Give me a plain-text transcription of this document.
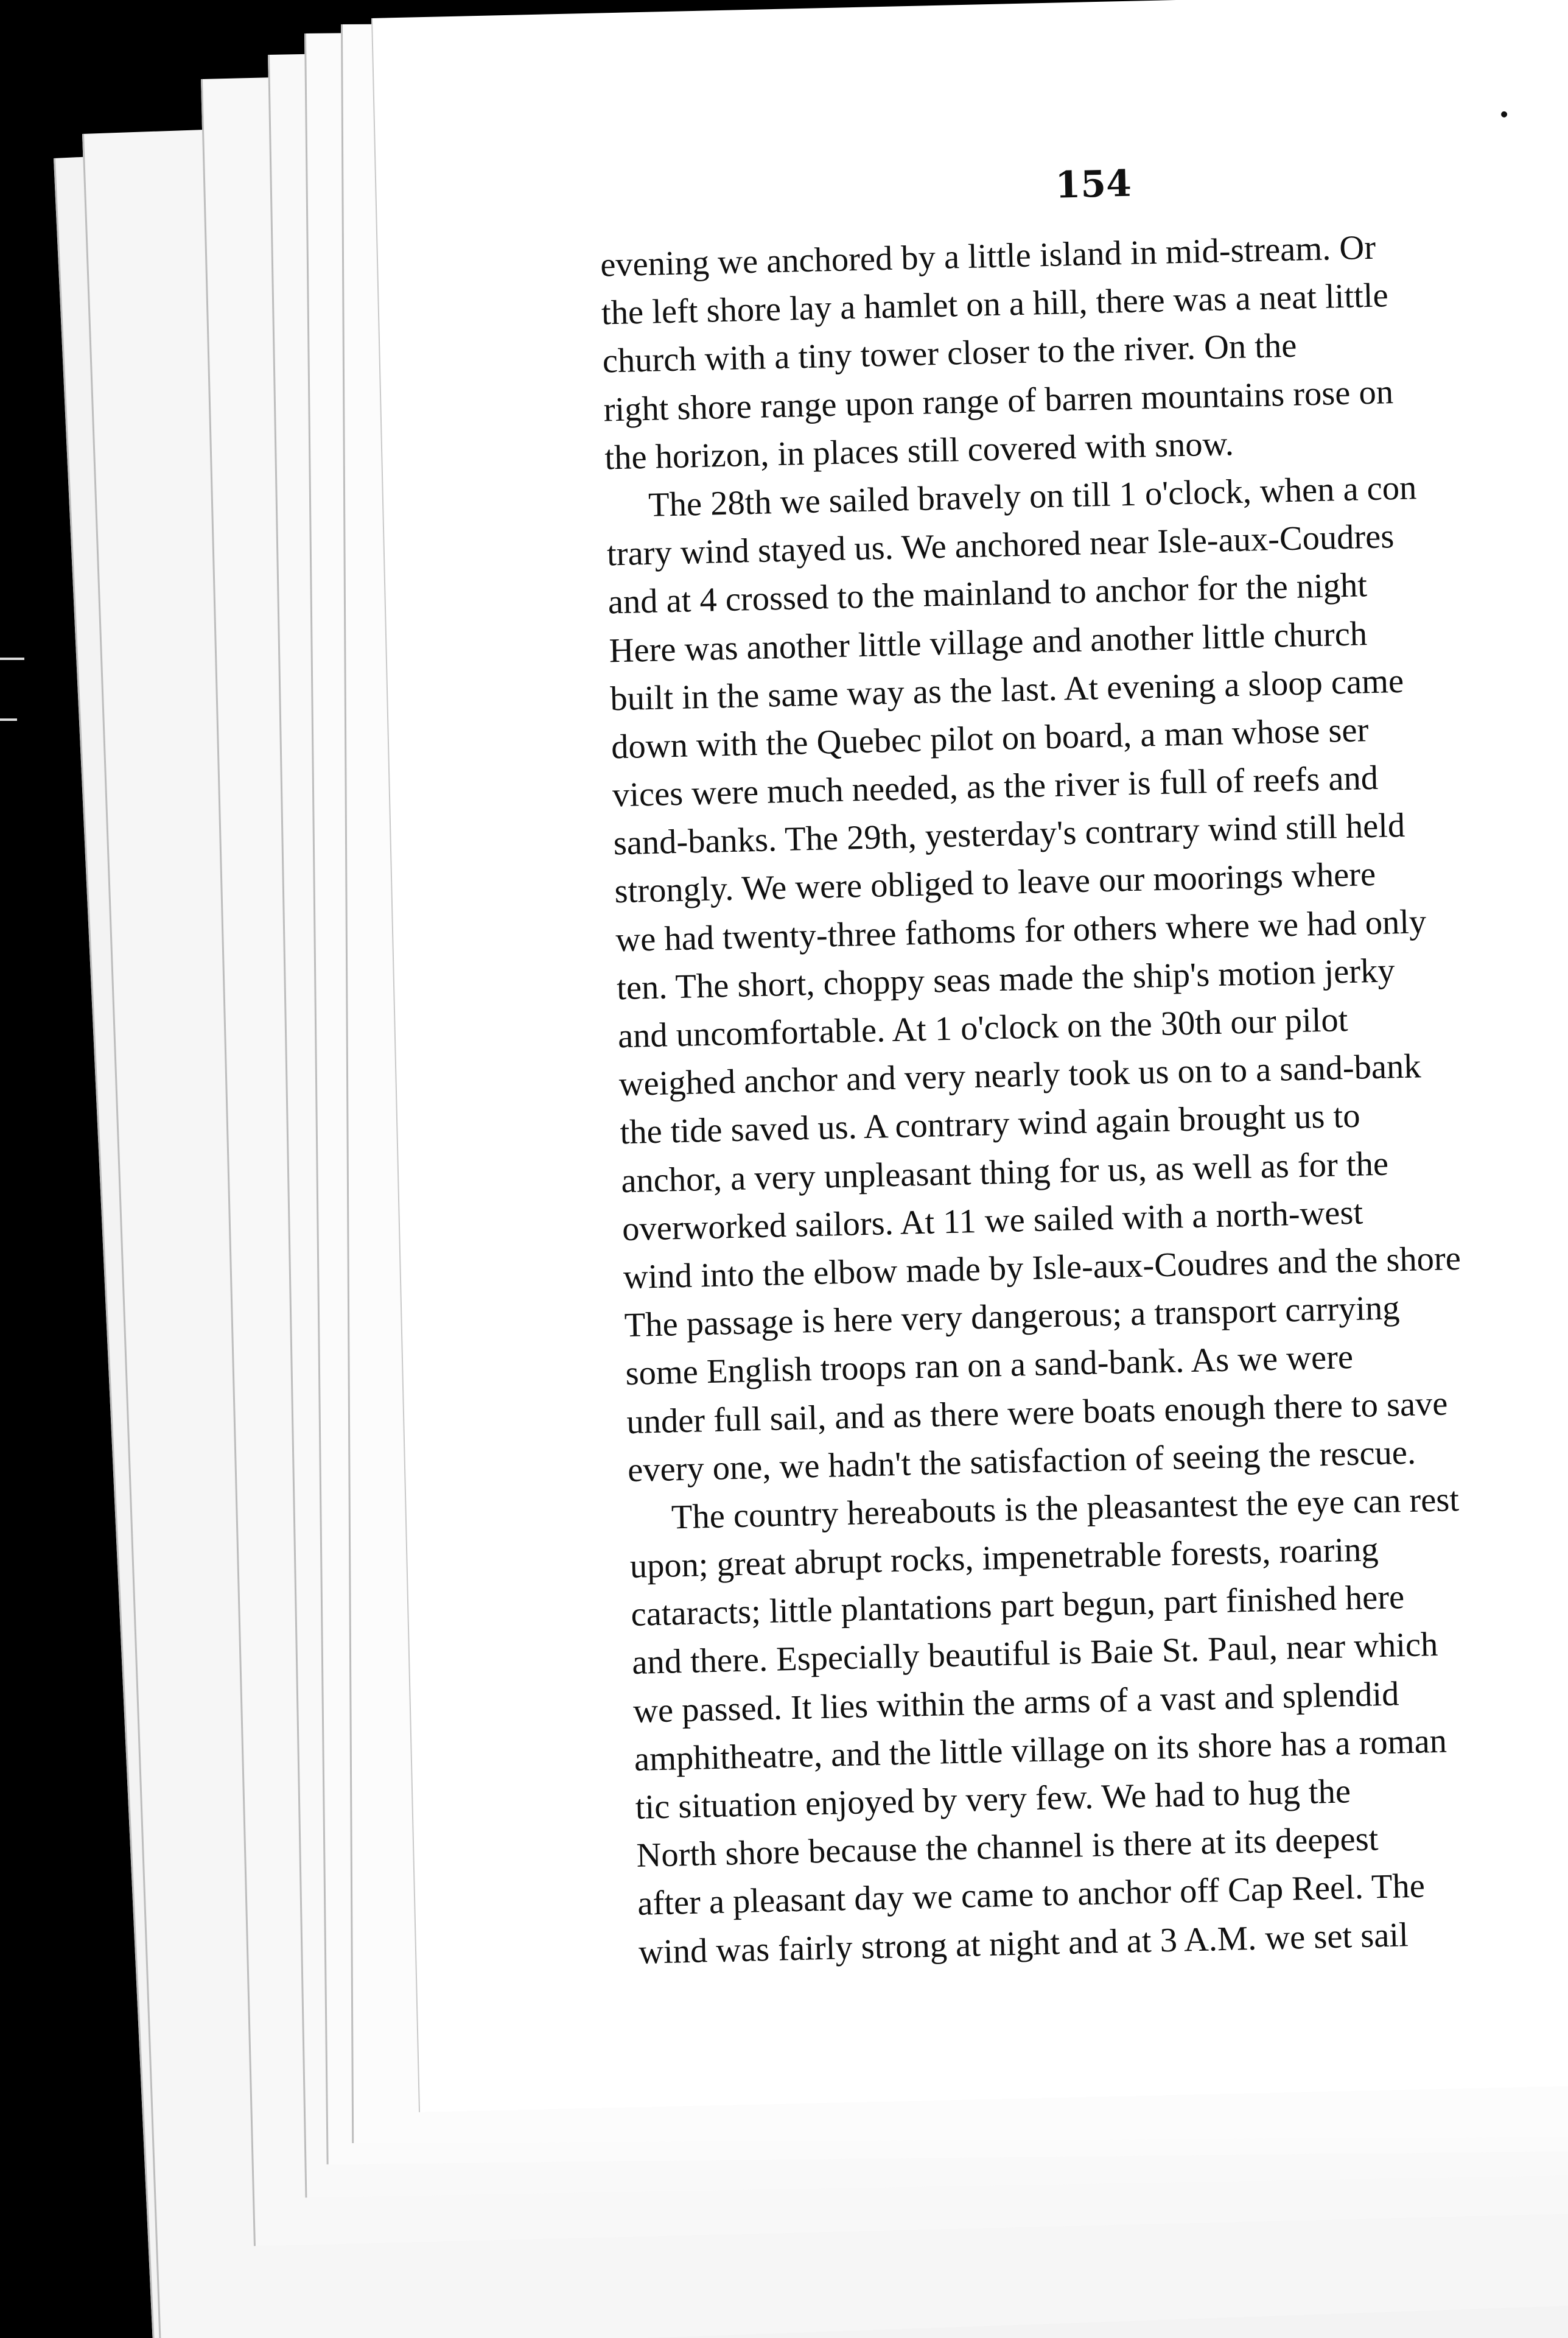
154
evening we anchored by a little island in mid-stream. Or
the left shore lay a hamlet on a hill, there was a neat little
church with a tiny tower closer to the river. On the
right shore range upon range of barren mountains rose on
the horizon, in places still covered with snow.
The 28th we sailed bravely on till 1 o'clock, when a con
trary wind stayed us. We anchored near Isle-aux-Coudres
and at 4 crossed to the mainland to anchor for the night
Here was another little village and another little church
built in the same way as the last. At evening a sloop came
down with the Quebec pilot on board, a man whose ser
vices were much needed, as the river is full of reefs and
sand-banks. The 29th, yesterday's contrary wind still held
strongly. We were obliged to leave our moorings where
we had twenty-three fathoms for others where we had only
ten. The short, choppy seas made the ship's motion jerky
and uncomfortable. At 1 o'clock on the 30th our pilot
weighed anchor and very nearly took us on to a sand-bank
the tide saved us. A contrary wind again brought us to
anchor, a very unpleasant thing for us, as well as for the
overworked sailors. At 11 we sailed with a north-west
wind into the elbow made by Isle-aux-Coudres and the shore
The passage is here very dangerous; a transport carrying
some English troops ran on a sand-bank. As we were
under full sail, and as there were boats enough there to save
every one, we hadn't the satisfaction of seeing the rescue.
The country hereabouts is the pleasantest the eye can rest
upon; great abrupt rocks, impenetrable forests, roaring
cataracts; little plantations part begun, part finished here
and there. Especially beautiful is Baie St. Paul, near which
we passed. It lies within the arms of a vast and splendid
amphitheatre, and the little village on its shore has a roman
tic situation enjoyed by very few. We had to hug the
North shore because the channel is there at its deepest
after a pleasant day we came to anchor off Cap Reel. The
wind was fairly strong at night and at 3 A.M. we set sail
